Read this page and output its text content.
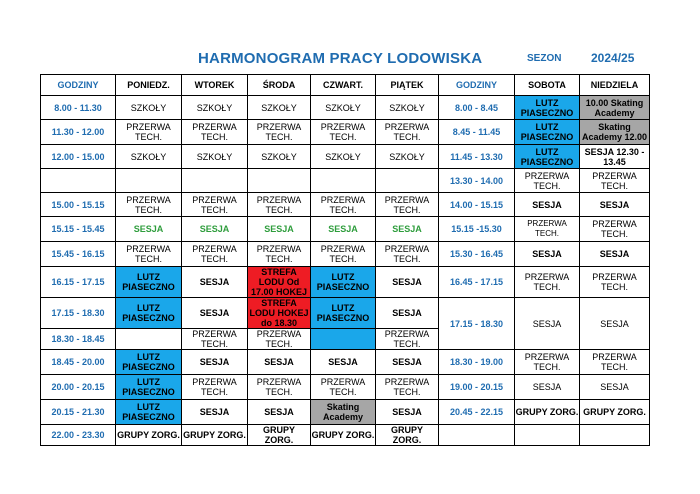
HARMONOGRAM PRACY LODOWISKA	SEZON 2024/25
GODZINY	PONIEDZ.	WTOREK	ŚRODA	CZWART.	PIĄTEK	GODZINY	SOBOTA	NIEDZIELA
8.00 - 11.30	SZKOŁY	SZKOŁY	SZKOŁY	SZKOŁY	SZKOŁY	8.00 - 8.45	LUTZ PIASECZNO	10.00 Skating Academy
11.30 - 12.00	PRZERWA TECH.	PRZERWA TECH.	PRZERWA TECH.	PRZERWA TECH.	PRZERWA TECH.	8.45 - 11.45	LUTZ PIASECZNO	Skating Academy 12.00
12.00 - 15.00	SZKOŁY	SZKOŁY	SZKOŁY	SZKOŁY	SZKOŁY	11.45 - 13.30	LUTZ PIASECZNO	SESJA 12.30 - 13.45
						13.30 - 14.00	PRZERWA TECH.	PRZERWA TECH.
15.00 - 15.15	PRZERWA TECH.	PRZERWA TECH.	PRZERWA TECH.	PRZERWA TECH.	PRZERWA TECH.	14.00 - 15.15	SESJA	SESJA
15.15 - 15.45	SESJA	SESJA	SESJA	SESJA	SESJA	15.15 -15.30	PRZERWA TECH.	PRZERWA TECH.
15.45 - 16.15	PRZERWA TECH.	PRZERWA TECH.	PRZERWA TECH.	PRZERWA TECH.	PRZERWA TECH.	15.30 - 16.45	SESJA	SESJA
16.15 - 17.15	LUTZ PIASECZNO	SESJA	STREFA LODU Od 17.00 HOKEJ	LUTZ PIASECZNO	SESJA	16.45 - 17.15	PRZERWA TECH.	PRZERWA TECH.
17.15 - 18.30	LUTZ PIASECZNO	SESJA	STREFA LODU HOKEJ do 18.30	LUTZ PIASECZNO	SESJA	17.15 - 18.30	SESJA	SESJA
18.30 - 18.45		PRZERWA TECH.	PRZERWA TECH.		PRZERWA TECH.			
18.45 - 20.00	LUTZ PIASECZNO	SESJA	SESJA	SESJA	SESJA	18.30 - 19.00	PRZERWA TECH.	PRZERWA TECH.
20.00 - 20.15	LUTZ PIASECZNO	PRZERWA TECH.	PRZERWA TECH.	PRZERWA TECH.	PRZERWA TECH.	19.00 - 20.15	SESJA	SESJA
20.15 - 21.30	LUTZ PIASECZNO	SESJA	SESJA	Skating Academy	SESJA	20.45 - 22.15	GRUPY ZORG.	GRUPY ZORG.
22.00 - 23.30	GRUPY ZORG.	GRUPY ZORG.	GRUPY ZORG.	GRUPY ZORG.	GRUPY ZORG.			
